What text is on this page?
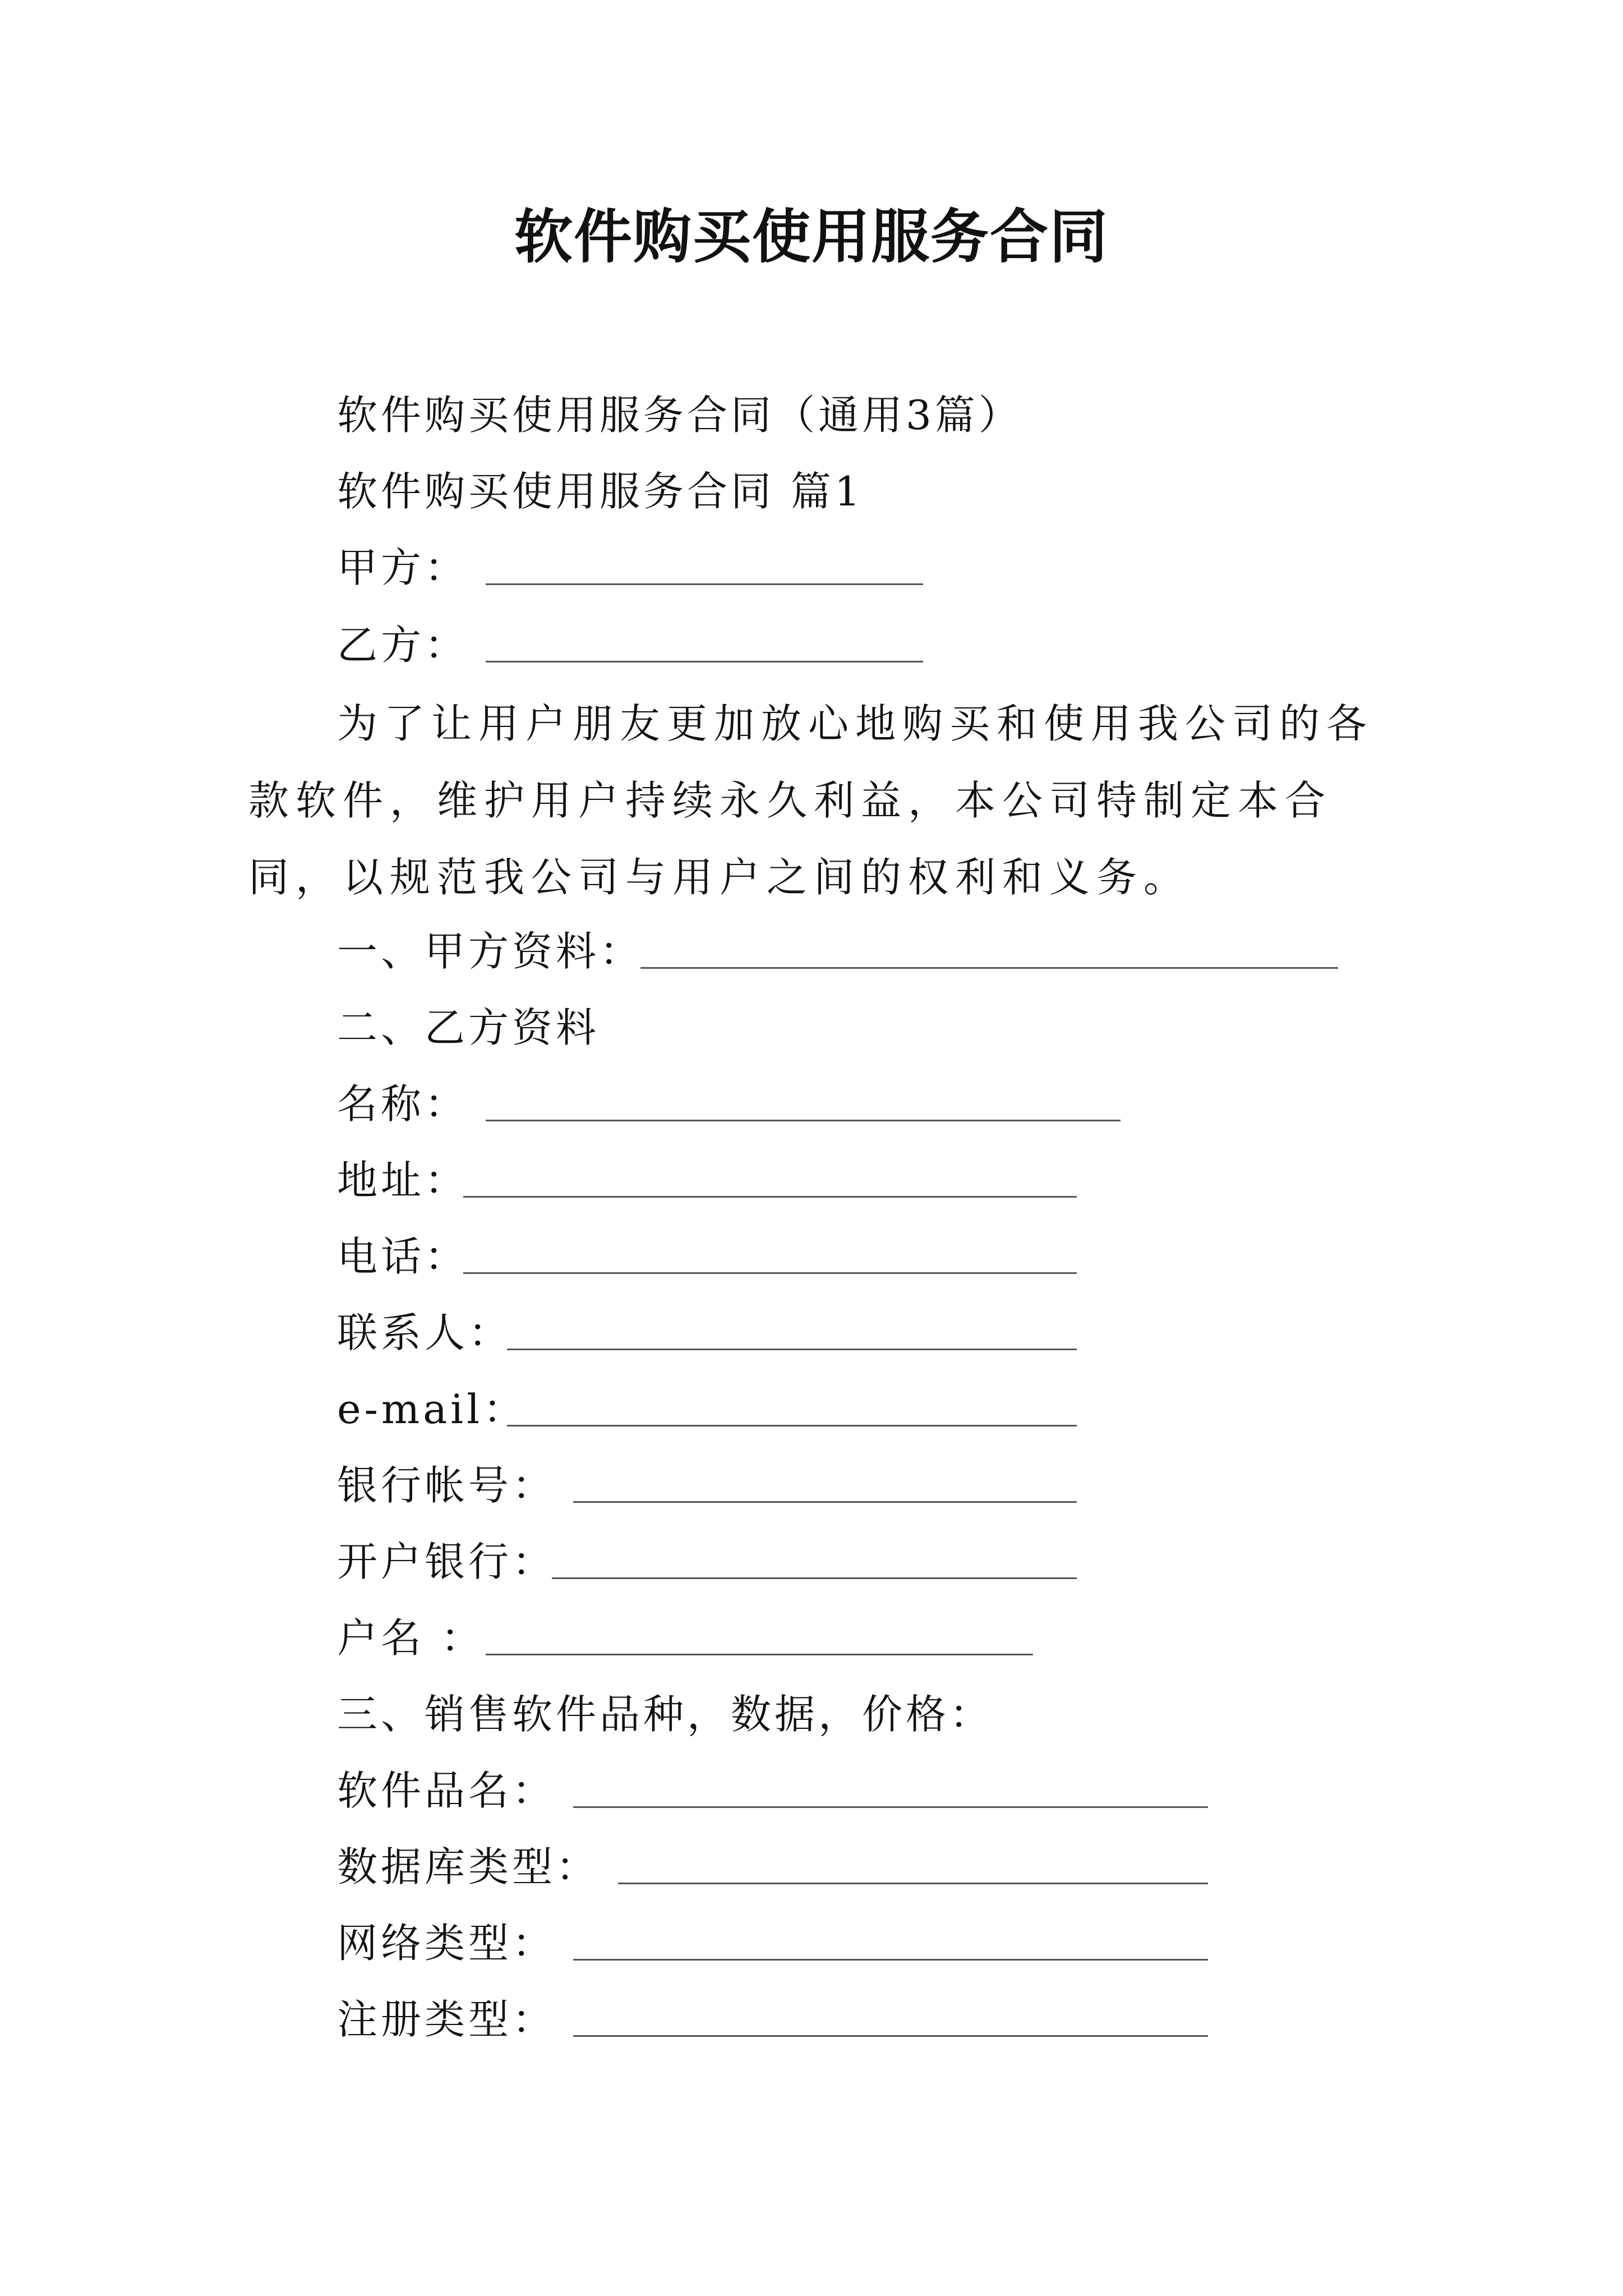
软件购买使用服务合同
软件购买使用服务合同（通用3篇）
软件购买使用服务合同 篇1
甲方：
乙方：

为了让用户朋友更加放心地购买和使用我公司的各款软件，维护用户持续永久利益，本公司特制定本合同，以规范我公司与用户之间的权利和义务。

一、甲方资料：
二、乙方资料
名称：
地址：
电话：
联系人：
e-mail：
银行帐号：
开户银行：
户名 ：
三、销售软件品种，数据，价格：
软件品名：
数据库类型：
网络类型：
注册类型：
